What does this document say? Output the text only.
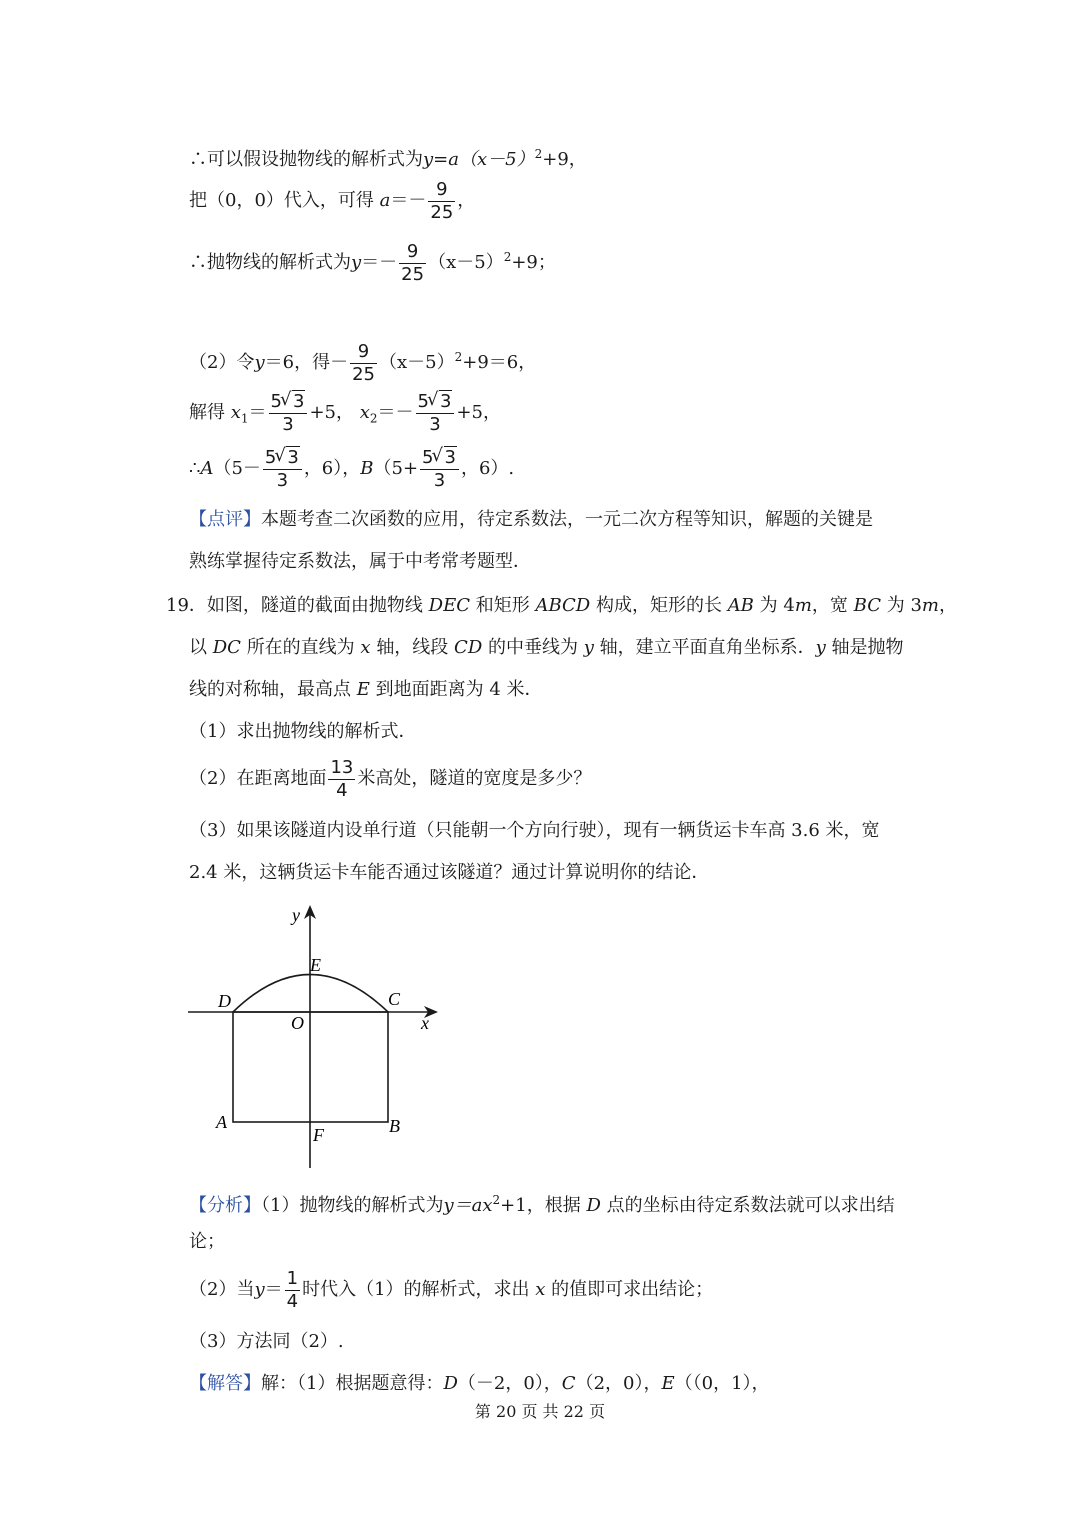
∴可以假设抛物线的解析式为$y=a(x-5)^2+9$，
把（0，0）代入，可得 $a=- \frac{9}{25}$ ，
∴抛物线的解析式为$y=- \frac{9}{25} (x-5)^2+9$；
（2）令y＝6，得－ $\frac{9}{25} (x-5)^2+9=6$，
解得 $x_1= \frac{5 √ 3}{3} +5$， $x_2=- \frac{5 √ 3}{3} +5$，
∴A（5－ $\frac{5 √ 3}{3}$ ，6），$B(5+ \frac{5 √ 3}{3}$ ，6）.
【点评】本题考查二次函数的应用，待定系数法，一元二次方程等知识，解题的关键是
熟练掌握待定系数法，属于中考常考题型．
19．如图，隧道的截面由抛物线 DEC 和矩形 ABCD 构成，矩形的长 AB 为 4m，宽 BC 为 3m，
以 DC 所在的直线为 x 轴，线段 CD 的中垂线为 y 轴，建立平面直角坐标系．y 轴是抛物
线的对称轴，最高点 E 到地面距离为 4 米．
（1）求出抛物线的解析式．
（2）在距离地面 $\frac{13}{4}$ 米高处，隧道的宽度是多少？
（3）如果该隧道内设单行道（只能朝一个方向行驶），现有一辆货运卡车高 3.6 米，宽
2.4 米，这辆货运卡车能否通过该隧道？通过计算说明你的结论．
y
E
D	C
O	x
A
F	B
【分析】（1）抛物线的解析式为$y=ax^2+1$，根据 D 点的坐标由待定系数法就可以求出结
论；
（2）当$y= \frac{1}{4}$ 时代入（1）的解析式，求出 x 的值即可求出结论；
（3）方法同（2）.
【解答】解：（1）根据题意得：D（－2，0），C（2，0），E（（0，1），
第 20 页 共 22 页
